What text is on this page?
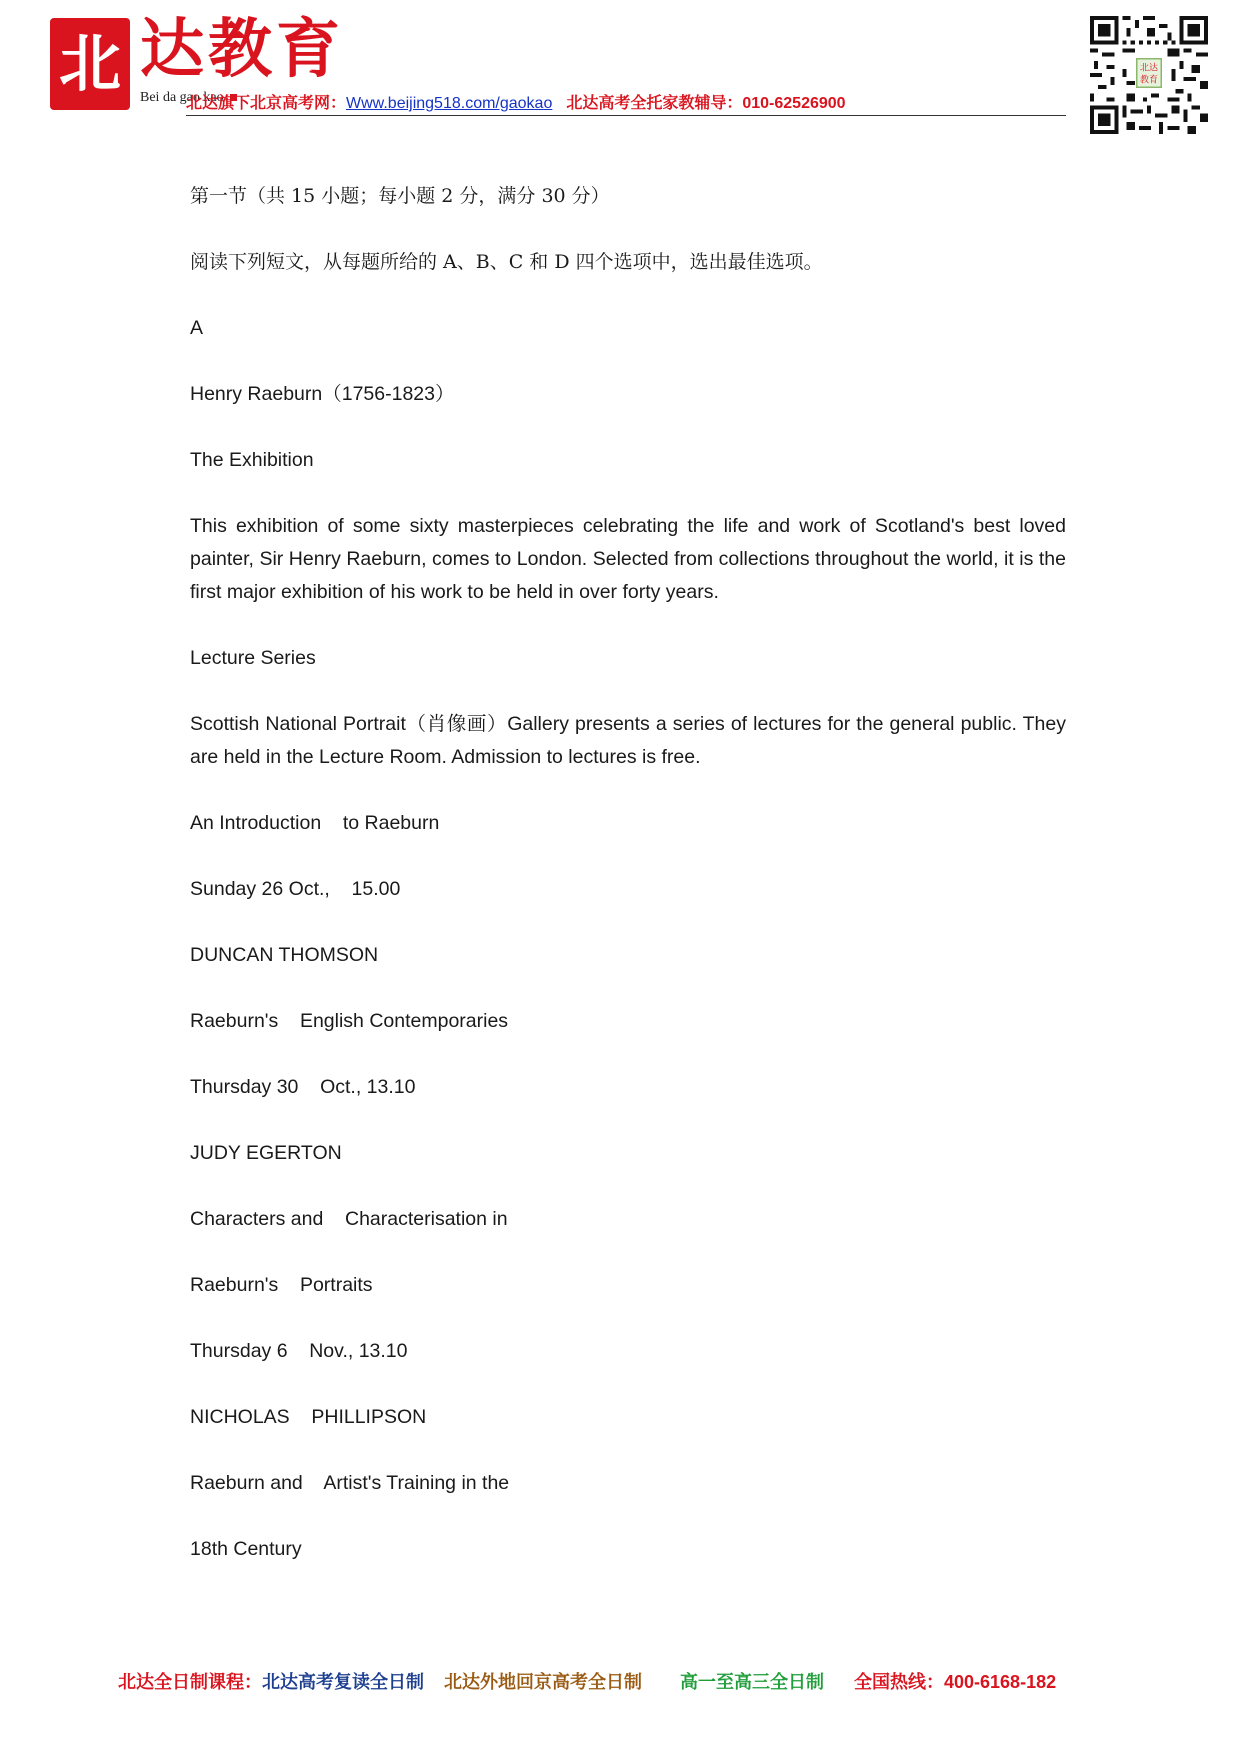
北 达教育
Bei da gao kao
北达旗下北京高考网：Www.beijing518.com/gaokao 北达高考全托家教辅导：010-62526900
北达
教育

第一节（共 15 小题；每小题 2 分，满分 30 分）

阅读下列短文，从每题所给的 A、B、C 和 D 四个选项中，选出最佳选项。

A

Henry Raeburn（1756-1823）

The Exhibition

This exhibition of some sixty masterpieces celebrating the life and work of Scotland's best loved painter, Sir Henry Raeburn, comes to London. Selected from collections throughout the world, it is the first major exhibition of his work to be held in over forty years.

Lecture Series

Scottish National Portrait（肖像画）Gallery presents a series of lectures for the general public. They are held in the Lecture Room. Admission to lectures is free.

An Introduction    to Raeburn

Sunday 26 Oct.,    15.00

DUNCAN THOMSON

Raeburn's    English Contemporaries

Thursday 30    Oct., 13.10

JUDY EGERTON

Characters and    Characterisation in

Raeburn's    Portraits

Thursday 6    Nov., 13.10

NICHOLAS    PHILLIPSON

Raeburn and    Artist's Training in the

18th Century

北达全日制课程：北达高考复读全日制 北达外地回京高考全日制 高一至高三全日制 全国热线：400-6168-182
